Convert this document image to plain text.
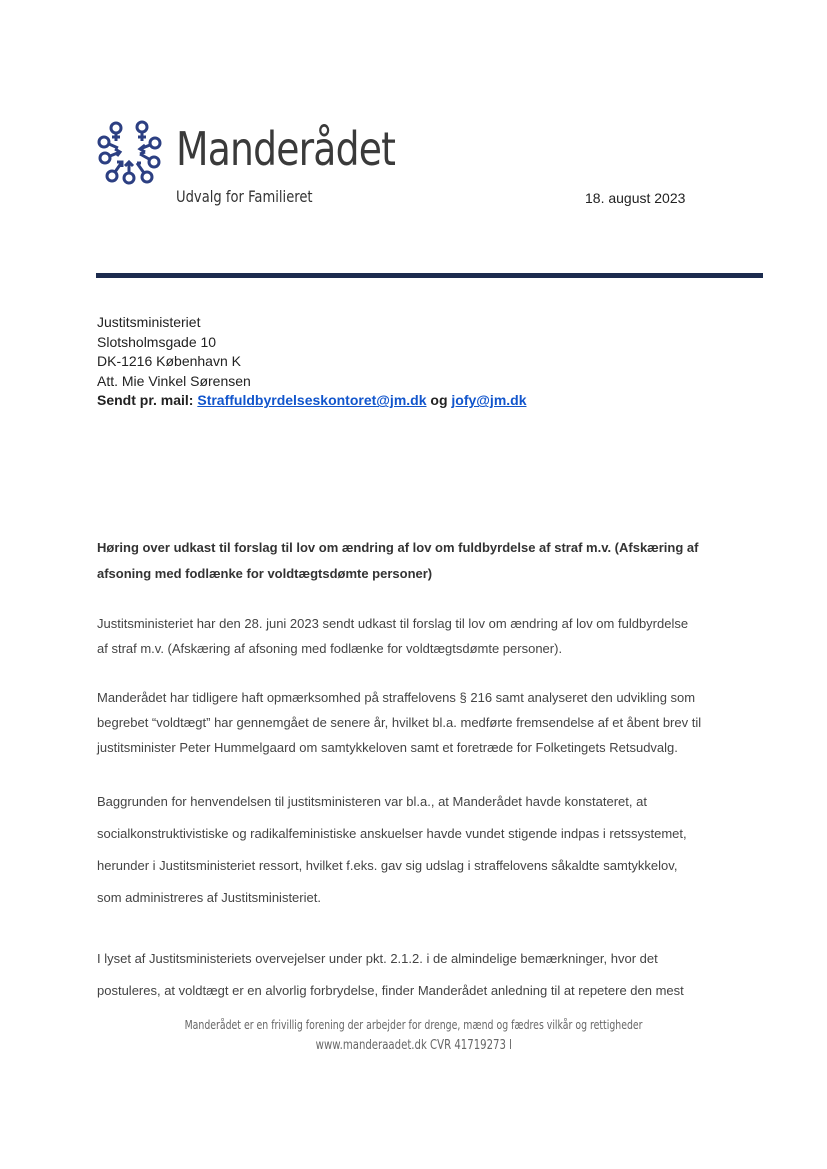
Manderådet
Udvalg for Familieret	18. august 2023
Justitsministeriet
Slotsholmsgade 10
DK-1216 København K
Att. Mie Vinkel Sørensen
Sendt pr. mail: Straffuldbyrdelseskontoret@jm.dk og jofy@jm.dk
Høring over udkast til forslag til lov om ændring af lov om fuldbyrdelse af straf m.v. (Afskæring af
afsoning med fodlænke for voldtægtsdømte personer)
Justitsministeriet har den 28. juni 2023 sendt udkast til forslag til lov om ændring af lov om fuldbyrdelse
af straf m.v. (Afskæring af afsoning med fodlænke for voldtægtsdømte personer).
Manderådet har tidligere haft opmærksomhed på straffelovens § 216 samt analyseret den udvikling som
begrebet “voldtægt” har gennemgået de senere år, hvilket bl.a. medførte fremsendelse af et åbent brev til
justitsminister Peter Hummelgaard om samtykkeloven samt et foretræde for Folketingets Retsudvalg.
Baggrunden for henvendelsen til justitsministeren var bl.a., at Manderådet havde konstateret, at
socialkonstruktivistiske og radikalfeministiske anskuelser havde vundet stigende indpas i retssystemet,
herunder i Justitsministeriet ressort, hvilket f.eks. gav sig udslag i straffelovens såkaldte samtykkelov,
som administreres af Justitsministeriet.
I lyset af Justitsministeriets overvejelser under pkt. 2.1.2. i de almindelige bemærkninger, hvor det
postuleres, at voldtægt er en alvorlig forbrydelse, finder Manderådet anledning til at repetere den mest
Manderådet er en frivillig forening der arbejder for drenge, mænd og fædres vilkår og rettigheder
www.manderaadet.dk CVR 41719273 l
